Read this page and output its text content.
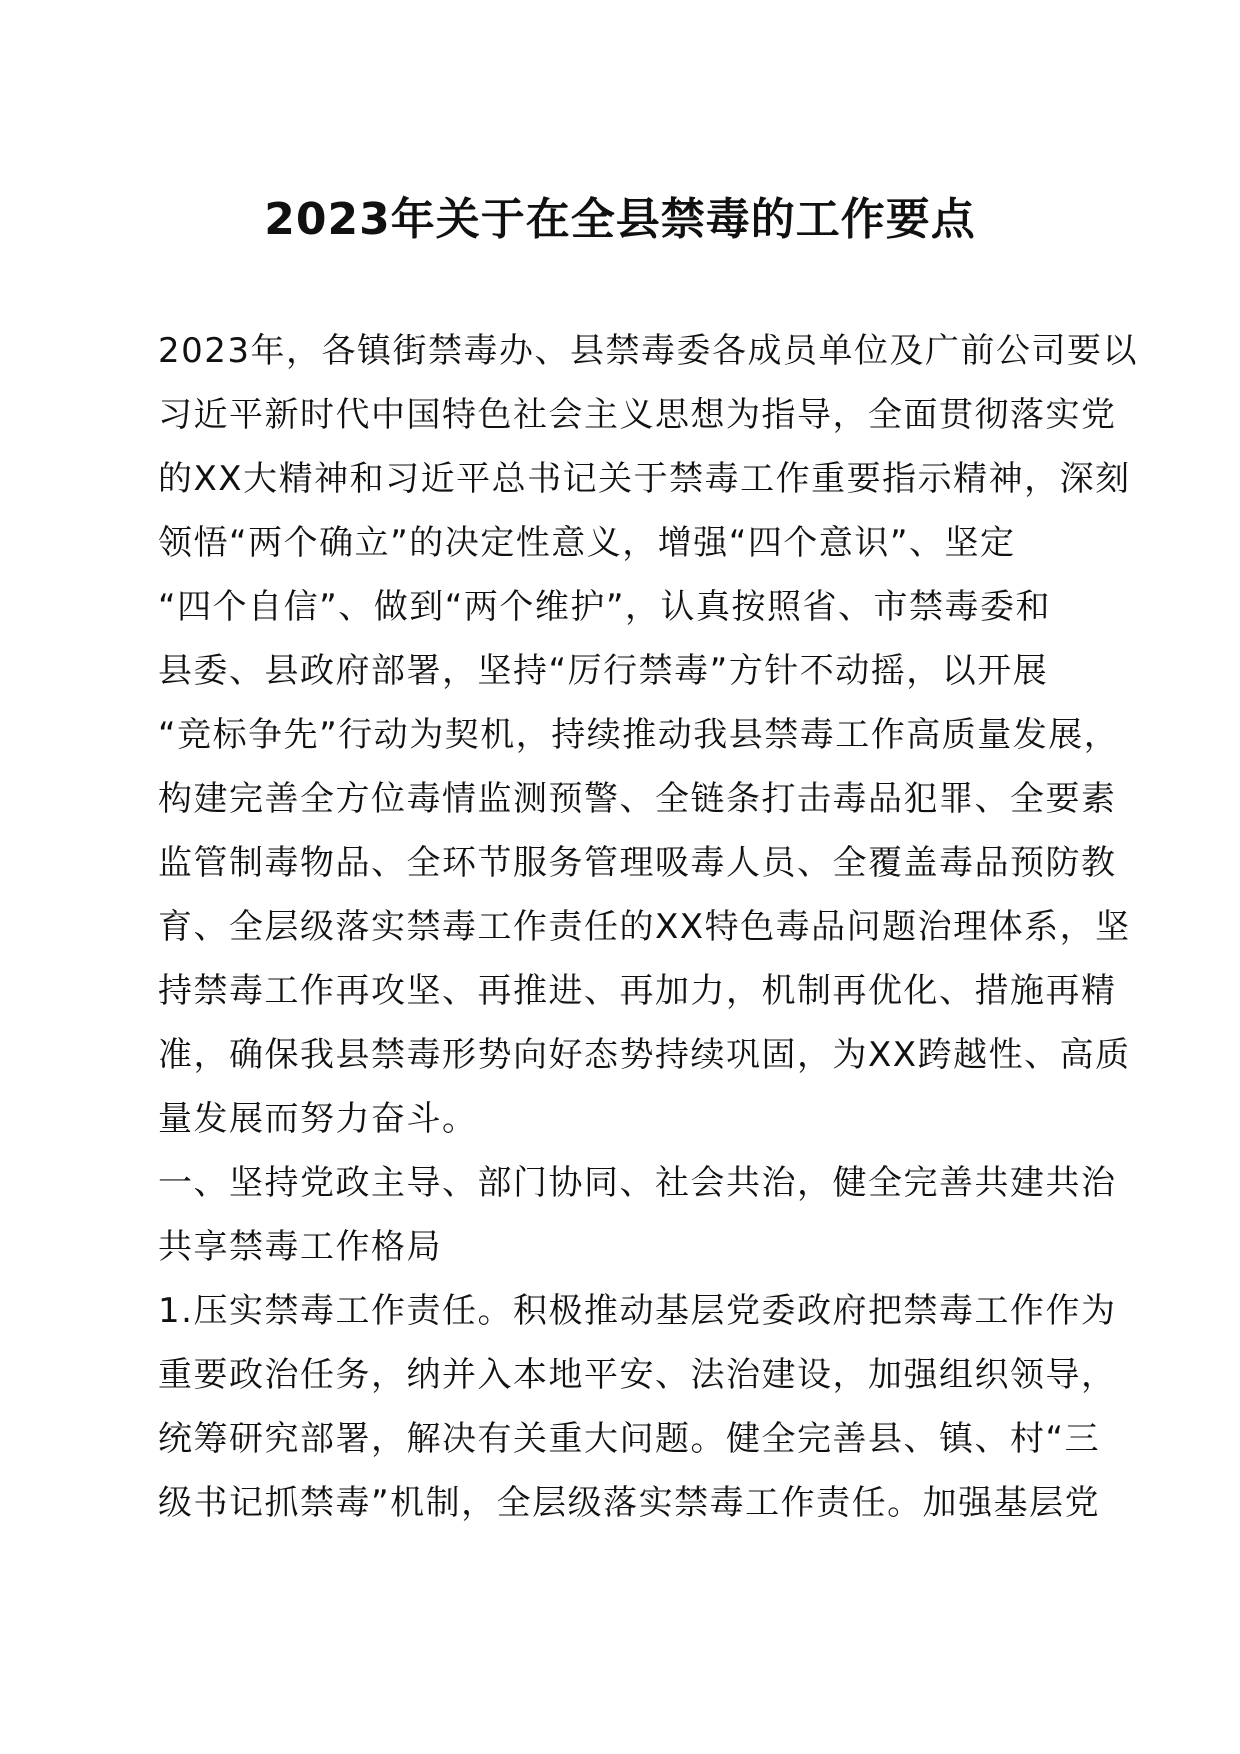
2023年关于在全县禁毒的工作要点
2023年，各镇街禁毒办、县禁毒委各成员单位及广前公司要以
习近平新时代中国特色社会主义思想为指导，全面贯彻落实党
的XX大精神和习近平总书记关于禁毒工作重要指示精神，深刻
领悟“两个确立”的决定性意义，增强“四个意识”、坚定
“四个自信”、做到“两个维护”，认真按照省、市禁毒委和
县委、县政府部署，坚持“厉行禁毒”方针不动摇，以开展
“竞标争先”行动为契机，持续推动我县禁毒工作高质量发展，
构建完善全方位毒情监测预警、全链条打击毒品犯罪、全要素
监管制毒物品、全环节服务管理吸毒人员、全覆盖毒品预防教
育、全层级落实禁毒工作责任的XX特色毒品问题治理体系，坚
持禁毒工作再攻坚、再推进、再加力，机制再优化、措施再精
准，确保我县禁毒形势向好态势持续巩固，为XX跨越性、高质
量发展而努力奋斗。
一、坚持党政主导、部门协同、社会共治，健全完善共建共治
共享禁毒工作格局
1.压实禁毒工作责任。积极推动基层党委政府把禁毒工作作为
重要政治任务，纳并入本地平安、法治建设，加强组织领导，
统筹研究部署，解决有关重大问题。健全完善县、镇、村“三
级书记抓禁毒”机制，全层级落实禁毒工作责任。加强基层党
